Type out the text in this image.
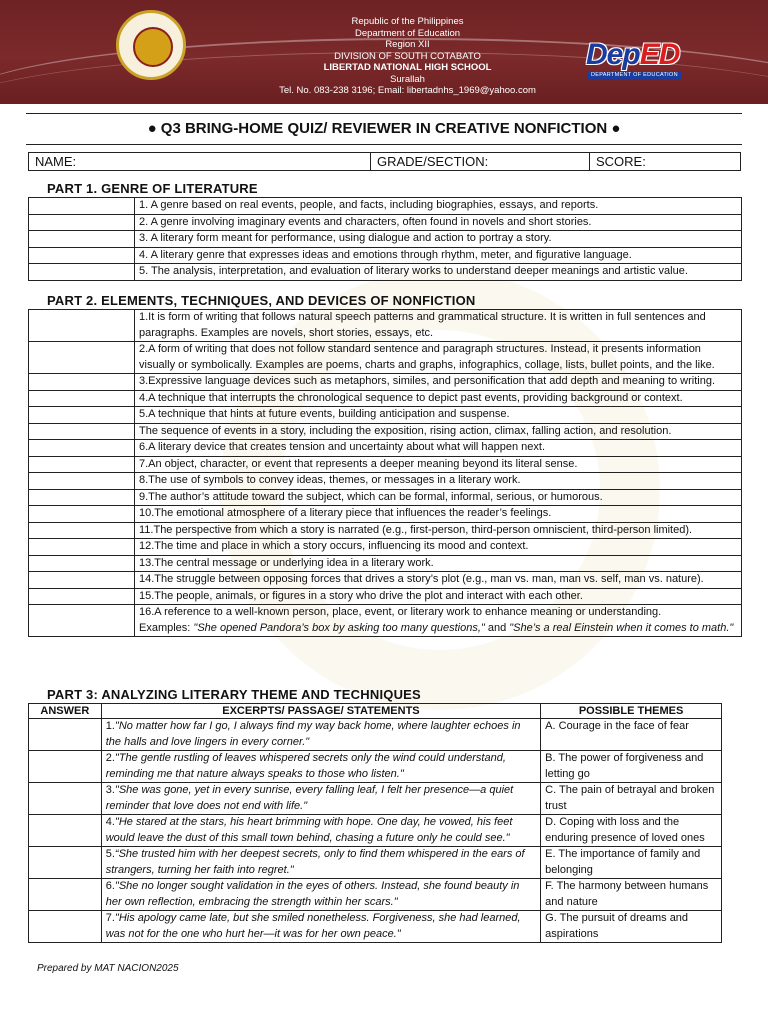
Republic of the Philippines
Department of Education
Region XII
DIVISION OF SOUTH COTABATO
LIBERTAD NATIONAL HIGH SCHOOL
Surallah
Tel. No. 083-238 3196; Email: libertadnhs_1969@yahoo.com
DepED
DEPARTMENT OF EDUCATION
● Q3 BRING-HOME QUIZ/ REVIEWER IN CREATIVE NONFICTION ●
NAME:	GRADE/SECTION:	SCORE:
PART 1. GENRE OF LITERATURE
	1. A genre based on real events, people, and facts, including biographies, essays, and reports.
	2. A genre involving imaginary events and characters, often found in novels and short stories.
	3. A literary form meant for performance, using dialogue and action to portray a story.
	4. A literary genre that expresses ideas and emotions through rhythm, meter, and figurative language.
	5. The analysis, interpretation, and evaluation of literary works to understand deeper meanings and artistic value.
PART 2. ELEMENTS, TECHNIQUES, AND DEVICES OF NONFICTION
	1.It is form of writing that follows natural speech patterns and grammatical structure. It is written in full sentences and paragraphs. Examples are novels, short stories, essays, etc.
	2.A form of writing that does not follow standard sentence and paragraph structures. Instead, it presents information visually or symbolically. Examples are poems, charts and graphs, infographics, collage, lists, bullet points, and the like.
	3.Expressive language devices such as metaphors, similes, and personification that add depth and meaning to writing.
	4.A technique that interrupts the chronological sequence to depict past events, providing background or context.
	5.A technique that hints at future events, building anticipation and suspense.
	The sequence of events in a story, including the exposition, rising action, climax, falling action, and resolution.
	6.A literary device that creates tension and uncertainty about what will happen next.
	7.An object, character, or event that represents a deeper meaning beyond its literal sense.
	8.The use of symbols to convey ideas, themes, or messages in a literary work.
	9.The author’s attitude toward the subject, which can be formal, informal, serious, or humorous.
	10.The emotional atmosphere of a literary piece that influences the reader’s feelings.
	11.The perspective from which a story is narrated (e.g., first-person, third-person omniscient, third-person limited).
	12.The time and place in which a story occurs, influencing its mood and context.
	13.The central message or underlying idea in a literary work.
	14.The struggle between opposing forces that drives a story’s plot (e.g., man vs. man, man vs. self, man vs. nature).
	15.The people, animals, or figures in a story who drive the plot and interact with each other.
	16.A reference to a well-known person, place, event, or literary work to enhance meaning or understanding.
Examples: "She opened Pandora’s box by asking too many questions," and "She’s a real Einstein when it comes to math."
PART 3: ANALYZING LITERARY THEME AND TECHNIQUES
ANSWER	EXCERPTS/ PASSAGE/ STATEMENTS	POSSIBLE THEMES
	1."No matter how far I go, I always find my way back home, where laughter echoes in the halls and love lingers in every corner."	A. Courage in the face of fear
	2."The gentle rustling of leaves whispered secrets only the wind could understand, reminding me that nature always speaks to those who listen."	B. The power of forgiveness and letting go
	3."She was gone, yet in every sunrise, every falling leaf, I felt her presence—a quiet reminder that love does not end with life."	C. The pain of betrayal and broken trust
	4."He stared at the stars, his heart brimming with hope. One day, he vowed, his feet would leave the dust of this small town behind, chasing a future only he could see."	D. Coping with loss and the enduring presence of loved ones
	5.“She trusted him with her deepest secrets, only to find them whispered in the ears of strangers, turning her faith into regret."	E. The importance of family and belonging
	6."She no longer sought validation in the eyes of others. Instead, she found beauty in her own reflection, embracing the strength within her scars."	F. The harmony between humans and nature
	7."His apology came late, but she smiled nonetheless. Forgiveness, she had learned, was not for the one who hurt her—it was for her own peace."	G. The pursuit of dreams and aspirations
Prepared by MAT NACION2025
